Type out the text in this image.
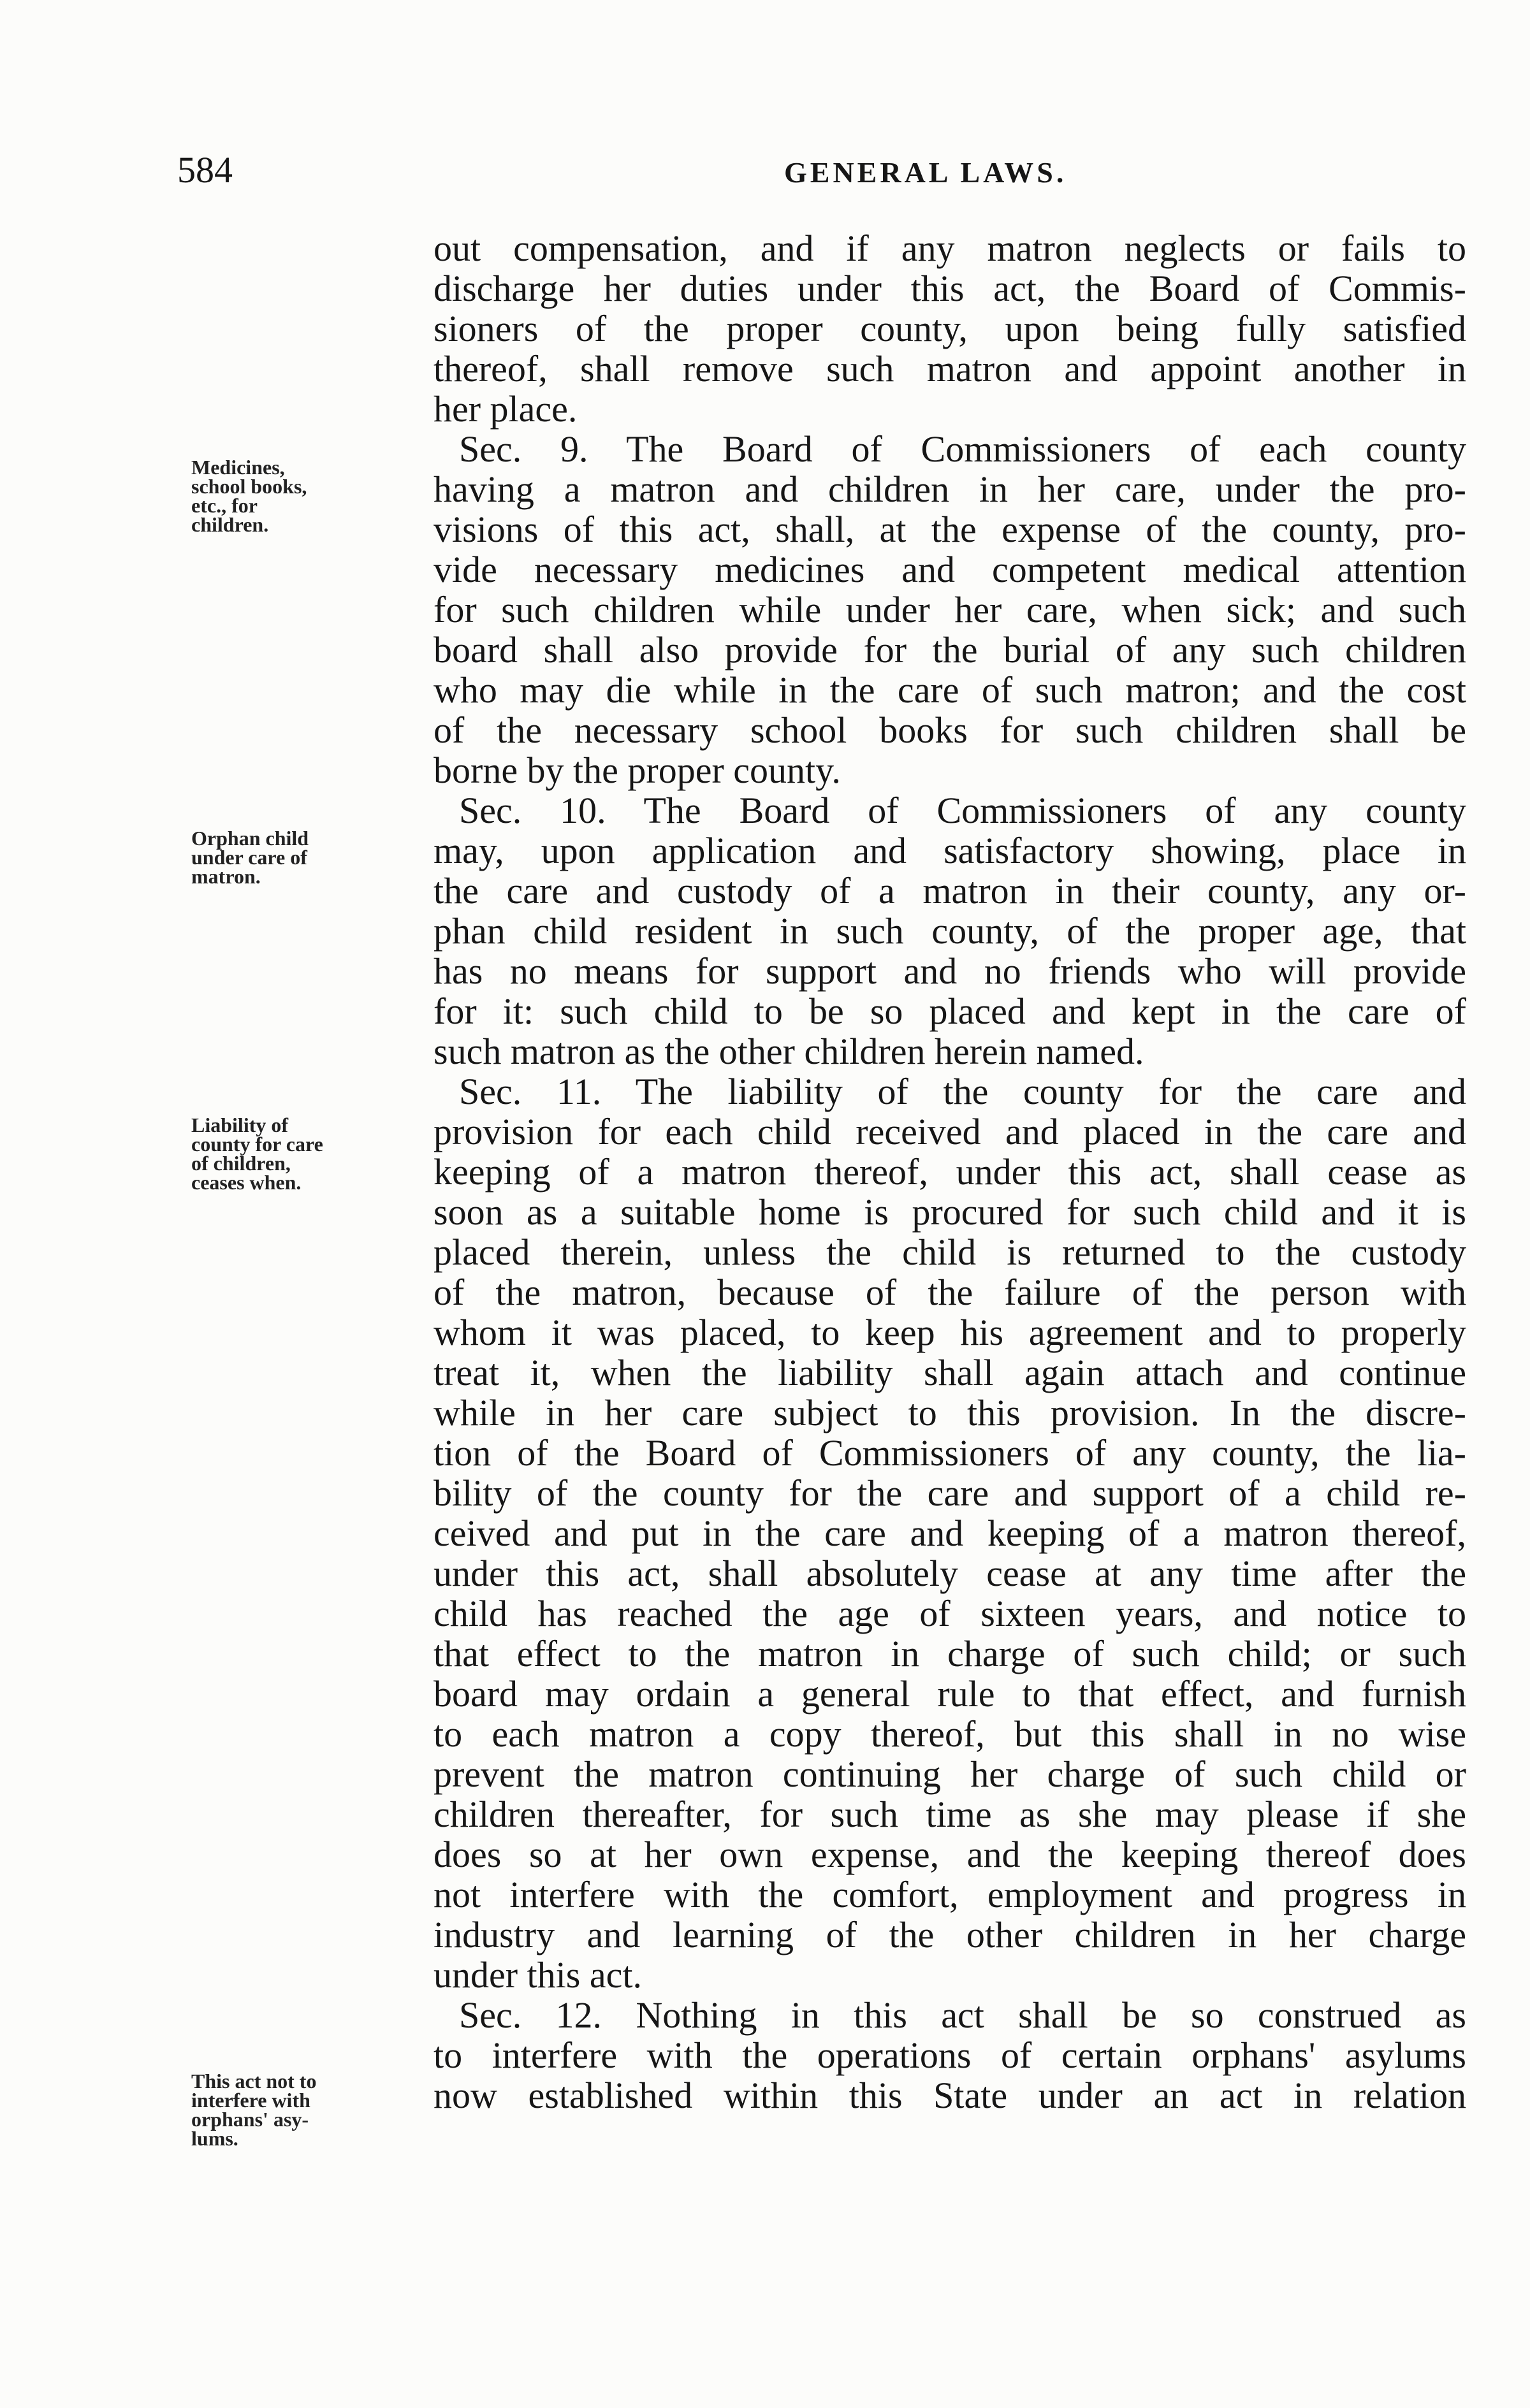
584	GENERAL LAWS.
Medicines,
school books,
etc., for
children.
Orphan child
under care of
matron.
Liability of
county for care
of children,
ceases when.
This act not to
interfere with
orphans' asy-
lums.
out compensation, and if any matron neglects or fails to
discharge her duties under this act, the Board of Commis-
sioners of the proper county, upon being fully satisfied
thereof, shall remove such matron and appoint another in
her place.
Sec. 9. The Board of Commissioners of each county
having a matron and children in her care, under the pro-
visions of this act, shall, at the expense of the county, pro-
vide necessary medicines and competent medical attention
for such children while under her care, when sick; and such
board shall also provide for the burial of any such children
who may die while in the care of such matron; and the cost
of the necessary school books for such children shall be
borne by the proper county.
Sec. 10. The Board of Commissioners of any county
may, upon application and satisfactory showing, place in
the care and custody of a matron in their county, any or-
phan child resident in such county, of the proper age, that
has no means for support and no friends who will provide
for it: such child to be so placed and kept in the care of
such matron as the other children herein named.
Sec. 11. The liability of the county for the care and
provision for each child received and placed in the care and
keeping of a matron thereof, under this act, shall cease as
soon as a suitable home is procured for such child and it is
placed therein, unless the child is returned to the custody
of the matron, because of the failure of the person with
whom it was placed, to keep his agreement and to properly
treat it, when the liability shall again attach and continue
while in her care subject to this provision. In the discre-
tion of the Board of Commissioners of any county, the lia-
bility of the county for the care and support of a child re-
ceived and put in the care and keeping of a matron thereof,
under this act, shall absolutely cease at any time after the
child has reached the age of sixteen years, and notice to
that effect to the matron in charge of such child; or such
board may ordain a general rule to that effect, and furnish
to each matron a copy thereof, but this shall in no wise
prevent the matron continuing her charge of such child or
children thereafter, for such time as she may please if she
does so at her own expense, and the keeping thereof does
not interfere with the comfort, employment and progress in
industry and learning of the other children in her charge
under this act.
Sec. 12. Nothing in this act shall be so construed as
to interfere with the operations of certain orphans' asylums
now established within this State under an act in relation
